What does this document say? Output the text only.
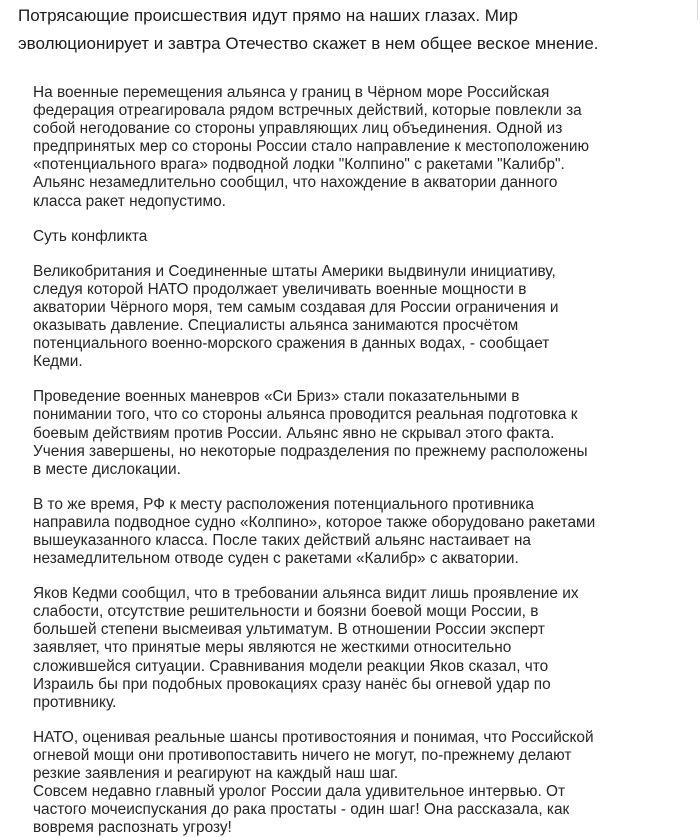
Потрясающие происшествия идут прямо на наших глазах. Мир
эволюционирует и завтра Отечество скажет в нем общее веское мнение.

На военные перемещения альянса у границ в Чёрном море Российская
федерация отреагировала рядом встречных действий, которые повлекли за
собой негодование со стороны управляющих лиц объединения. Одной из
предпринятых мер со стороны России стало направление к местоположению
«потенциального врага» подводной лодки "Колпино" с ракетами "Калибр".
Альянс незамедлительно сообщил, что нахождение в акватории данного
класса ракет недопустимо.

Суть конфликта

Великобритания и Соединенные штаты Америки выдвинули инициативу,
следуя которой НАТО продолжает увеличивать военные мощности в
акватории Чёрного моря, тем самым создавая для России ограничения и
оказывать давление. Специалисты альянса занимаются просчётом
потенциального военно-морского сражения в данных водах, - сообщает
Кедми.

Проведение военных маневров «Си Бриз» стали показательными в
понимании того, что со стороны альянса проводится реальная подготовка к
боевым действиям против России. Альянс явно не скрывал этого факта.
Учения завершены, но некоторые подразделения по прежнему расположены
в месте дислокации.

В то же время, РФ к месту расположения потенциального противника
направила подводное судно «Колпино», которое также оборудовано ракетами
вышеуказанного класса. После таких действий альянс настаивает на
незамедлительном отводе суден с ракетами «Калибр» с акватории.

Яков Кедми сообщил, что в требовании альянса видит лишь проявление их
слабости, отсутствие решительности и боязни боевой мощи России, в
большей степени высмеивая ультиматум. В отношении России эксперт
заявляет, что принятые меры являются не жесткими относительно
сложившейся ситуации. Сравнивания модели реакции Яков сказал, что
Израиль бы при подобных провокациях сразу нанёс бы огневой удар по
противнику.

НАТО, оценивая реальные шансы противостояния и понимая, что Российской
огневой мощи они противопоставить ничего не могут, по-прежнему делают
резкие заявления и реагируют на каждый наш шаг.
Совсем недавно главный уролог России дала удивительное интервью. От
частого мочеиспускания до рака простаты - один шаг! Она рассказала, как
вовремя распознать угрозу!
